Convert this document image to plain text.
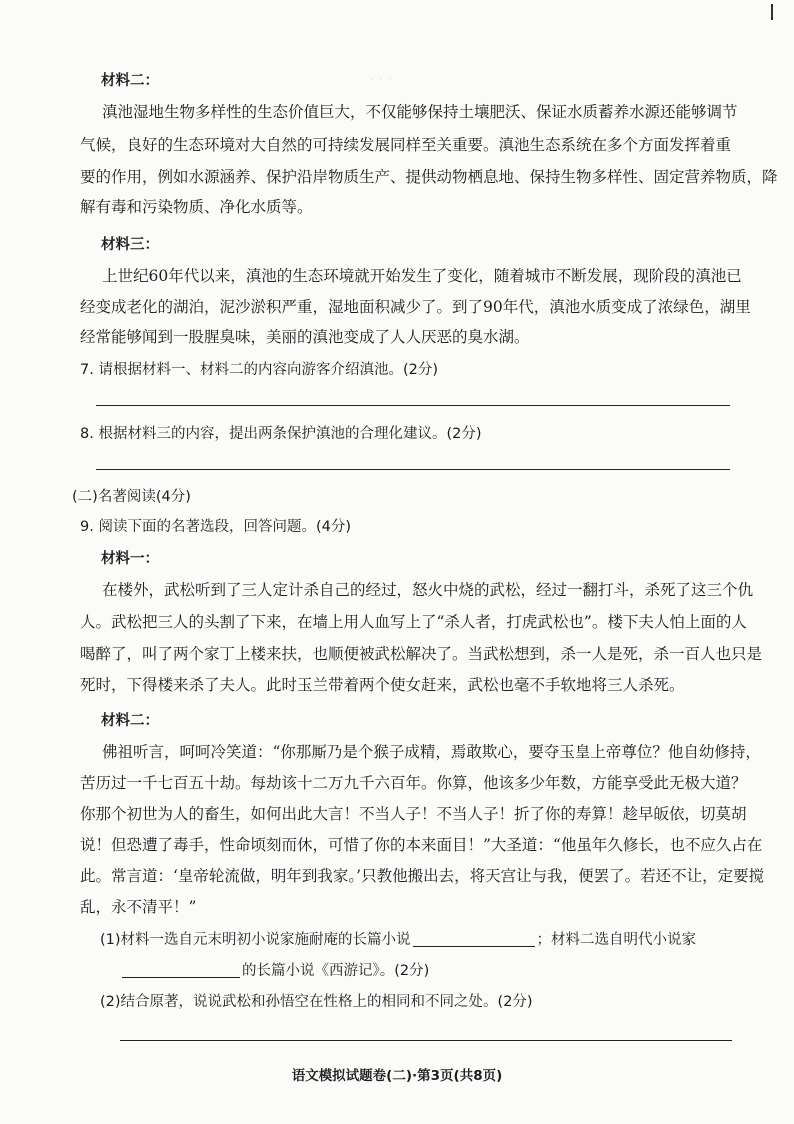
· · ·
材料二：
滇池湿地生物多样性的生态价值巨大，不仅能够保持土壤肥沃、保证水质蓄养水源还能够调节
气候，良好的生态环境对大自然的可持续发展同样至关重要。滇池生态系统在多个方面发挥着重
要的作用，例如水源涵养、保护沿岸物质生产、提供动物栖息地、保持生物多样性、固定营养物质，降
解有毒和污染物质、净化水质等。
材料三：
上世纪60年代以来，滇池的生态环境就开始发生了变化，随着城市不断发展，现阶段的滇池已
经变成老化的湖泊，泥沙淤积严重，湿地面积减少了。到了90年代，滇池水质变成了浓绿色，湖里
经常能够闻到一股腥臭味，美丽的滇池变成了人人厌恶的臭水湖。
7. 请根据材料一、材料二的内容向游客介绍滇池。(2分)
8. 根据材料三的内容，提出两条保护滇池的合理化建议。(2分)
(二)名著阅读(4分)
9. 阅读下面的名著选段，回答问题。(4分)
材料一：
在楼外，武松听到了三人定计杀自己的经过，怒火中烧的武松，经过一翻打斗，杀死了这三个仇
人。武松把三人的头割了下来，在墙上用人血写上了“杀人者，打虎武松也”。楼下夫人怕上面的人
喝醉了，叫了两个家丁上楼来扶，也顺便被武松解决了。当武松想到，杀一人是死，杀一百人也只是
死时，下得楼来杀了夫人。此时玉兰带着两个使女赶来，武松也毫不手软地将三人杀死。
材料二：
佛祖听言，呵呵冷笑道：“你那厮乃是个猴子成精，焉敢欺心，要夺玉皇上帝尊位？他自幼修持，
苦历过一千七百五十劫。每劫该十二万九千六百年。你算，他该多少年数，方能享受此无极大道？
你那个初世为人的畜生，如何出此大言！不当人子！不当人子！折了你的寿算！趁早皈依，切莫胡
说！但恐遭了毒手，性命顷刻而休，可惜了你的本来面目！”大圣道：“他虽年久修长，也不应久占在
此。常言道：‘皇帝轮流做，明年到我家。’只教他搬出去，将天宫让与我，便罢了。若还不让，定要搅
乱，永不清平！”
(1)材料一选自元末明初小说家施耐庵的长篇小说	；材料二选自明代小说家
的长篇小说《西游记》。(2分)
(2)结合原著，说说武松和孙悟空在性格上的相同和不同之处。(2分)
语文模拟试题卷(二)·第3页(共8页)
